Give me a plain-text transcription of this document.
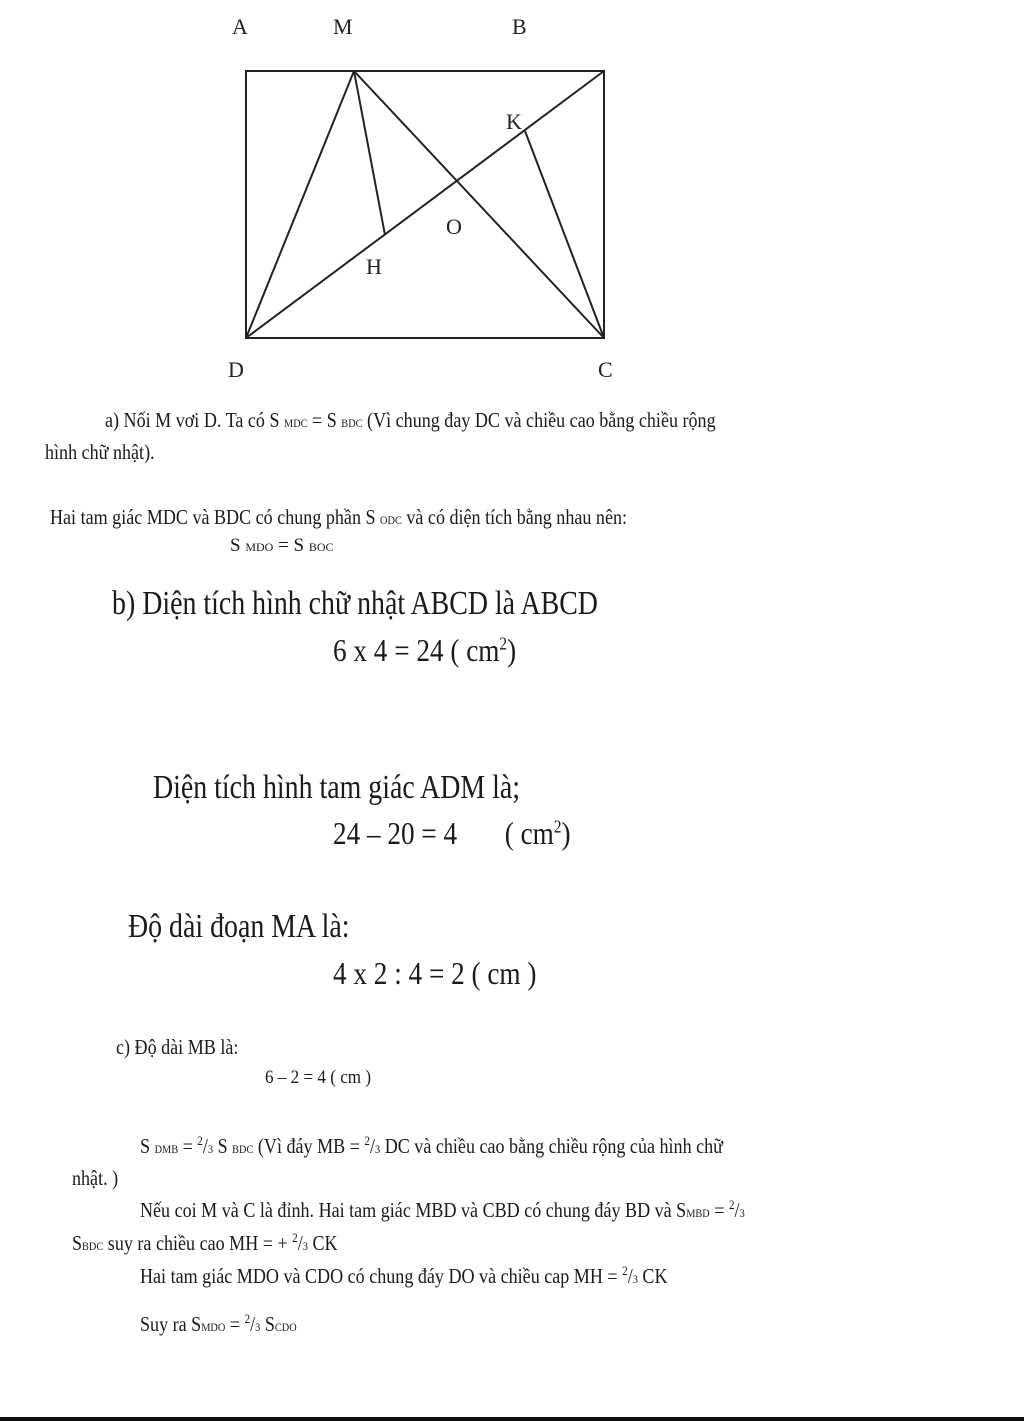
A	M	B
K
O
H
D	C
a) Nối M vơi D. Ta có S MDC = S BDC (Vì chung đay DC và chiều cao bằng chiều rộng
hình chữ nhật).
Hai tam giác MDC và BDC có chung phần S ODC và có diện tích bằng nhau nên:
S MDO = S BOC
b) Diện tích hình chữ nhật ABCD là ABCD
6 x 4 = 24 ( $cm^2$)
Diện tích hình tam giác ADM là;
24 – 20 = 4 ( $cm^2$)
Độ dài đoạn MA là:
4 x 2 : 4 = 2 ( cm )
c) Độ dài MB là:
6 – 2 = 4 ( cm )
S DMB = $^2$/3 S BDC (Vì đáy MB = $^2$/3 DC và chiều cao bằng chiều rộng của hình chữ
nhật. )
Nếu coi M và C là đỉnh. Hai tam giác MBD và CBD có chung đáy BD và SMBD = $^2$/3
SBDC suy ra chiều cao MH = + $^2$/3 CK
Hai tam giác MDO và CDO có chung đáy DO và chiều cap MH = $^2$/3 CK
Suy ra SMDO = $^2$/3 SCDO
